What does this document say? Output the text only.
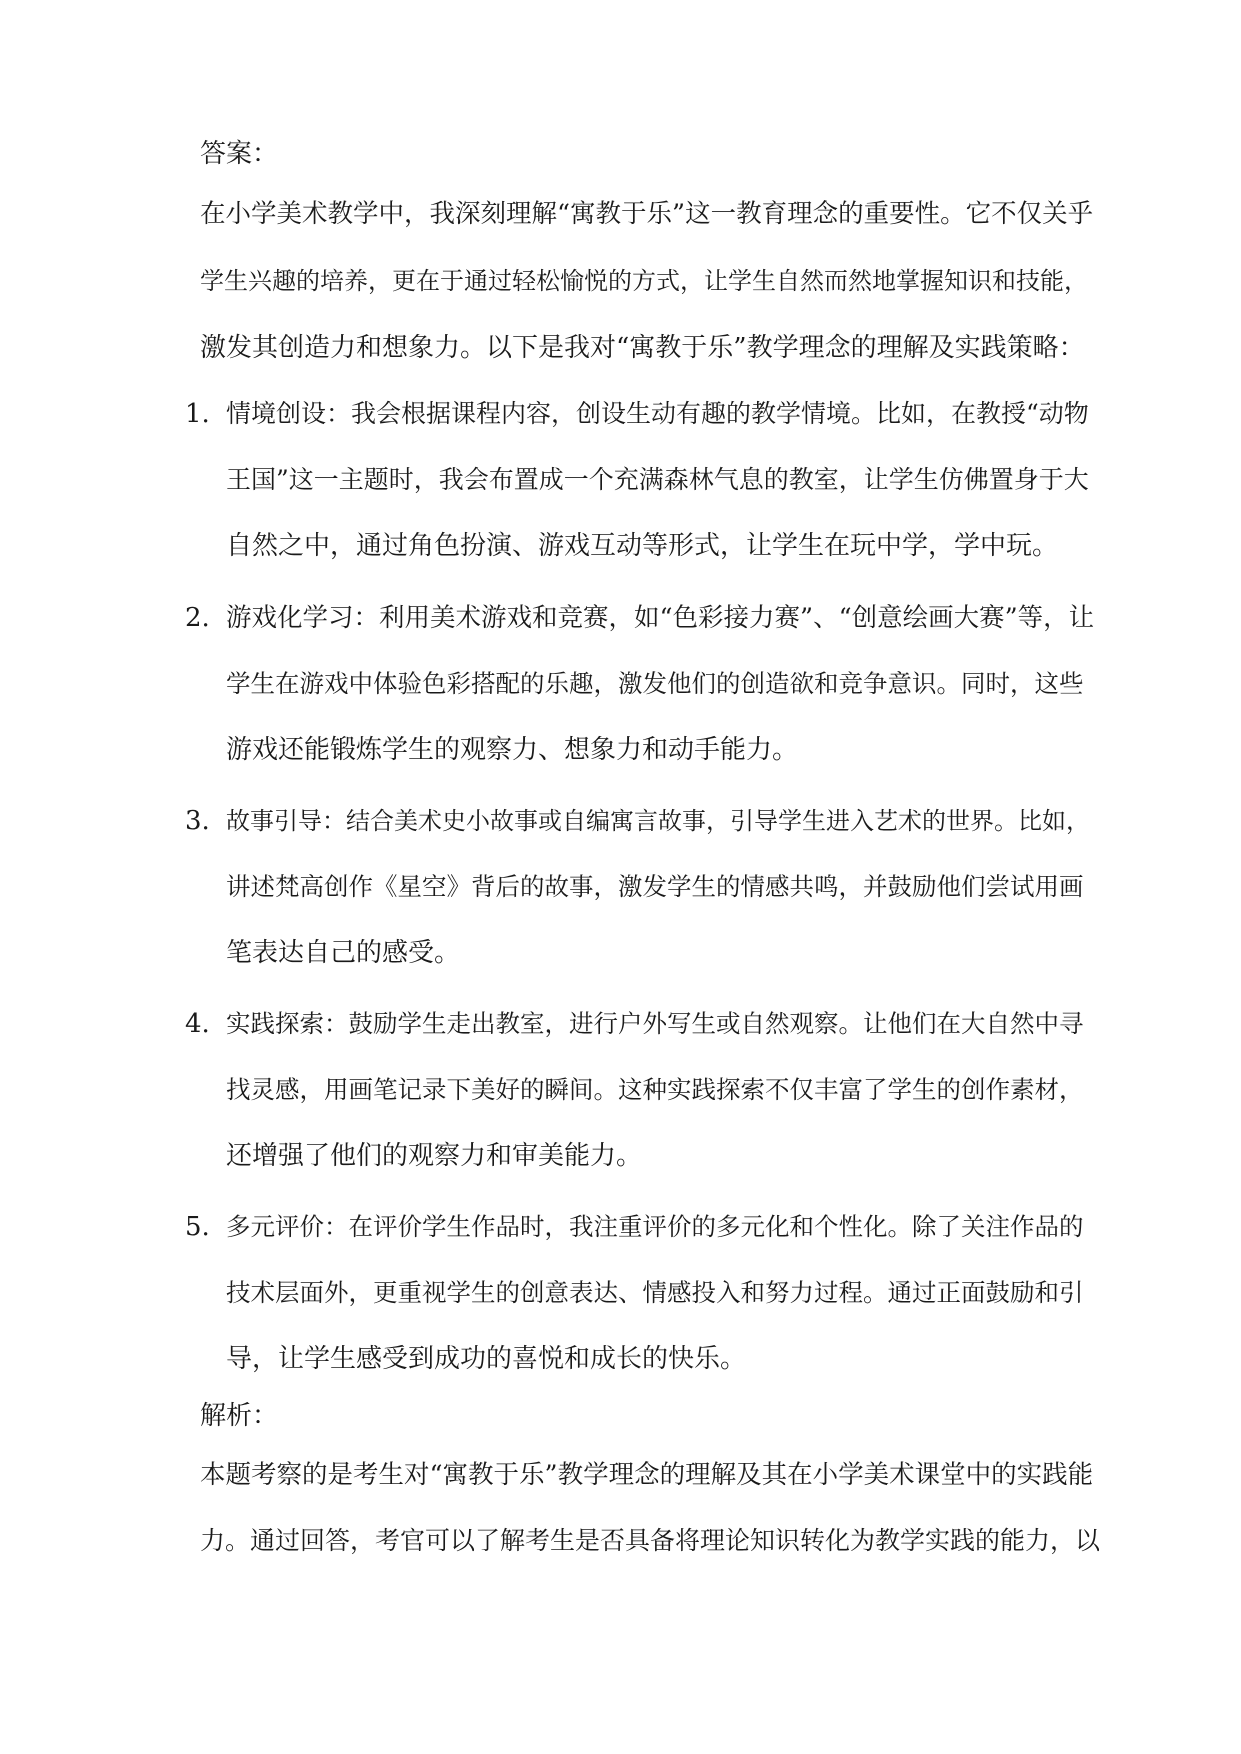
答案：
在小学美术教学中，我深刻理解“寓教于乐”这一教育理念的重要性。它不仅关乎
学生兴趣的培养，更在于通过轻松愉悦的方式，让学生自然而然地掌握知识和技能，
激发其创造力和想象力。以下是我对“寓教于乐”教学理念的理解及实践策略：
1. 情境创设：我会根据课程内容，创设生动有趣的教学情境。比如，在教授“动物
王国”这一主题时，我会布置成一个充满森林气息的教室，让学生仿佛置身于大
自然之中，通过角色扮演、游戏互动等形式，让学生在玩中学，学中玩。
2. 游戏化学习：利用美术游戏和竞赛，如“色彩接力赛”、“创意绘画大赛”等，让
学生在游戏中体验色彩搭配的乐趣，激发他们的创造欲和竞争意识。同时，这些
游戏还能锻炼学生的观察力、想象力和动手能力。
3. 故事引导：结合美术史小故事或自编寓言故事，引导学生进入艺术的世界。比如，
讲述梵高创作《星空》背后的故事，激发学生的情感共鸣，并鼓励他们尝试用画
笔表达自己的感受。
4. 实践探索：鼓励学生走出教室，进行户外写生或自然观察。让他们在大自然中寻
找灵感，用画笔记录下美好的瞬间。这种实践探索不仅丰富了学生的创作素材，
还增强了他们的观察力和审美能力。
5. 多元评价：在评价学生作品时，我注重评价的多元化和个性化。除了关注作品的
技术层面外，更重视学生的创意表达、情感投入和努力过程。通过正面鼓励和引
导，让学生感受到成功的喜悦和成长的快乐。
解析：
本题考察的是考生对“寓教于乐”教学理念的理解及其在小学美术课堂中的实践能
力。通过回答，考官可以了解考生是否具备将理论知识转化为教学实践的能力，以
